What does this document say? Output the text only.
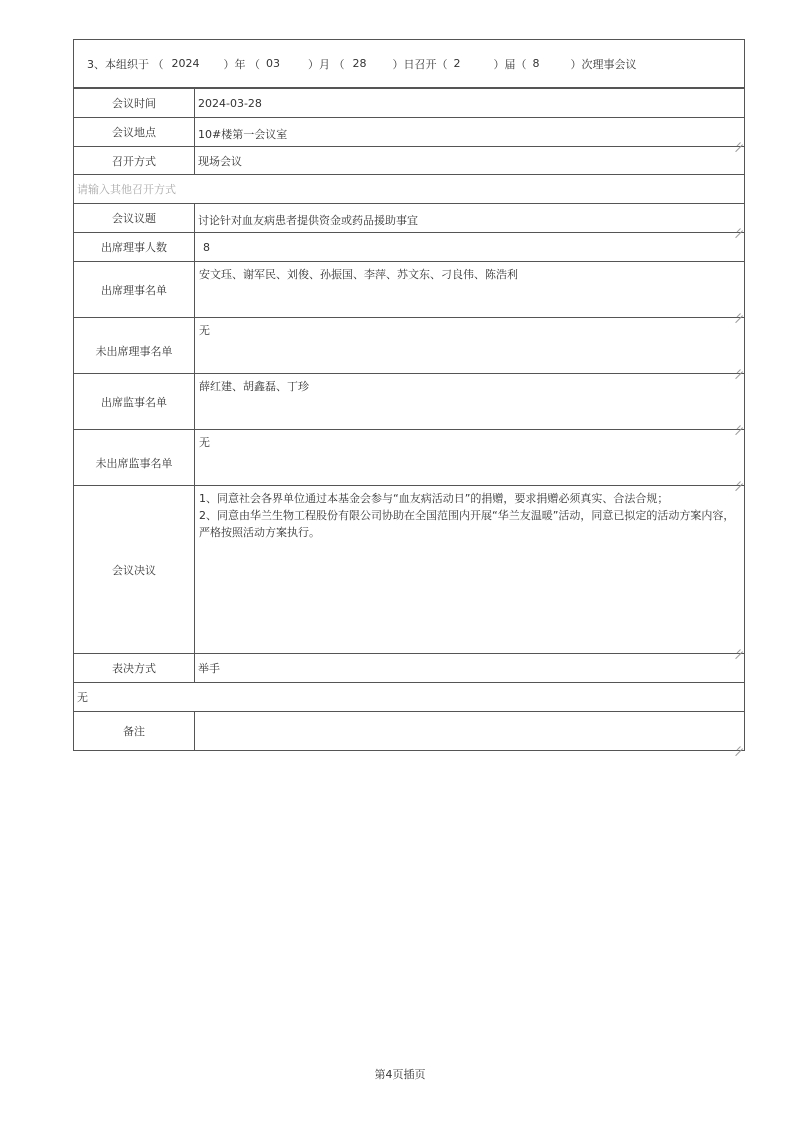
3、本组织于 （ 2024	）年 （ 03	）月 （ 28	）日召开（ 2	）届（ 8	）次理事会议
会议时间	2024-03-28

会议地点	10#楼第一会议室

召开方式	现场会议

请输入其他召开方式	

会议议题	讨论针对血友病患者提供资金或药品援助事宜

出席理事人数	8

出席理事名单	安文珏、谢军民、刘俊、孙振国、李萍、苏文东、刁良伟、陈浩利

未出席理事名单	无

出席监事名单	薛红建、胡鑫磊、丁珍

未出席监事名单	无

会议决议	1、同意社会各界单位通过本基金会参与“血友病活动日”的捐赠，要求捐赠必须真实、合法合规；
2、同意由华兰生物工程股份有限公司协助在全国范围内开展“华兰友温暖”活动，同意已拟定的活动方案内容，严格按照活动方案执行。

表决方式	举手

无	

备注	
第4页插页
